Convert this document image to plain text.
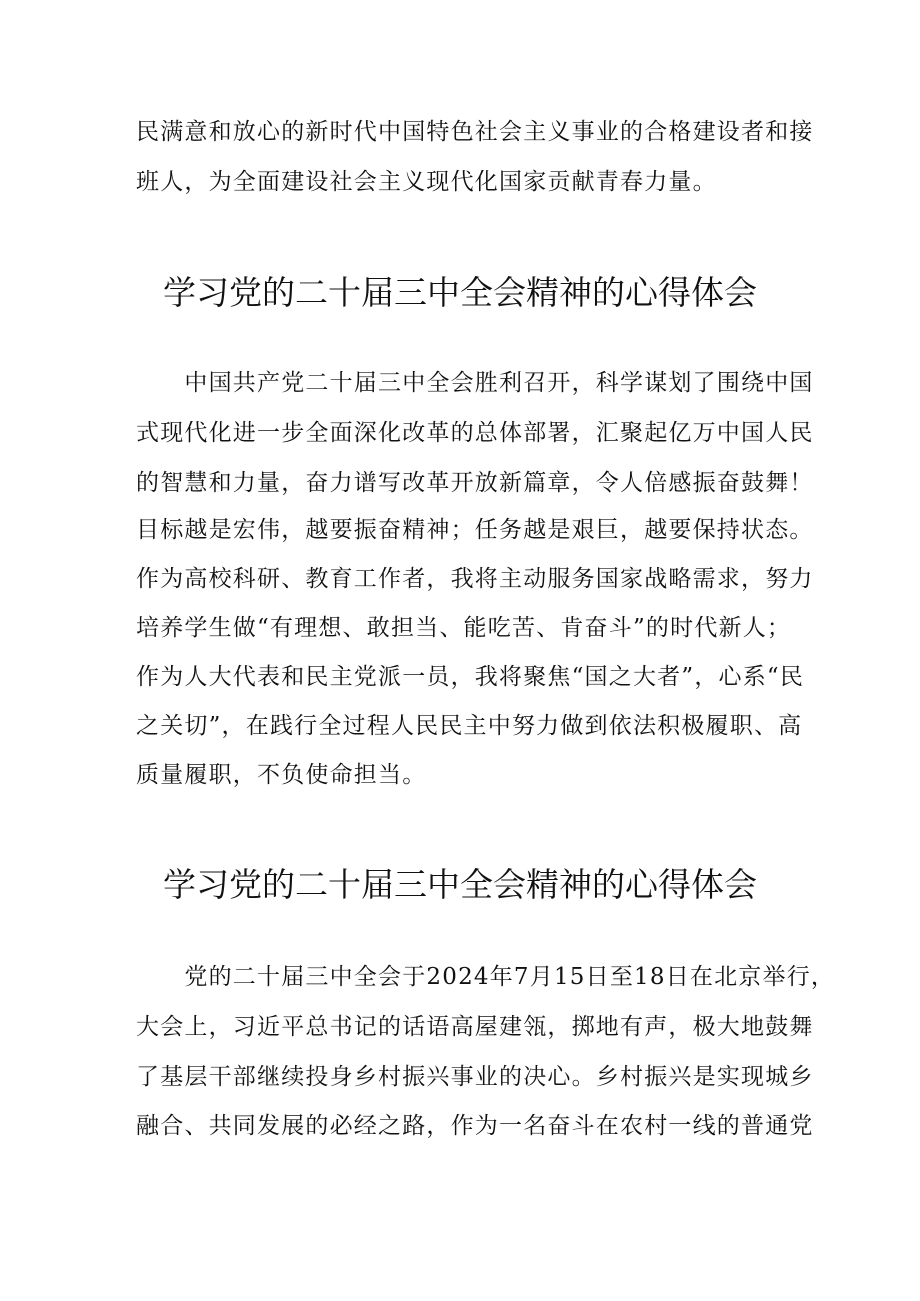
民满意和放心的新时代中国特色社会主义事业的合格建设者和接
班人，为全面建设社会主义现代化国家贡献青春力量。
学习党的二十届三中全会精神的心得体会
　　中国共产党二十届三中全会胜利召开，科学谋划了围绕中国
式现代化进一步全面深化改革的总体部署，汇聚起亿万中国人民
的智慧和力量，奋力谱写改革开放新篇章，令人倍感振奋鼓舞！
目标越是宏伟，越要振奋精神；任务越是艰巨，越要保持状态。
作为高校科研、教育工作者，我将主动服务国家战略需求，努力
培养学生做“有理想、敢担当、能吃苦、肯奋斗”的时代新人；
作为人大代表和民主党派一员，我将聚焦“国之大者”，心系“民
之关切”，在践行全过程人民民主中努力做到依法积极履职、高
质量履职，不负使命担当。
学习党的二十届三中全会精神的心得体会
　　党的二十届三中全会于2024年7月15日至18日在北京举行，
大会上，习近平总书记的话语高屋建瓴，掷地有声，极大地鼓舞
了基层干部继续投身乡村振兴事业的决心。乡村振兴是实现城乡
融合、共同发展的必经之路，作为一名奋斗在农村一线的普通党
